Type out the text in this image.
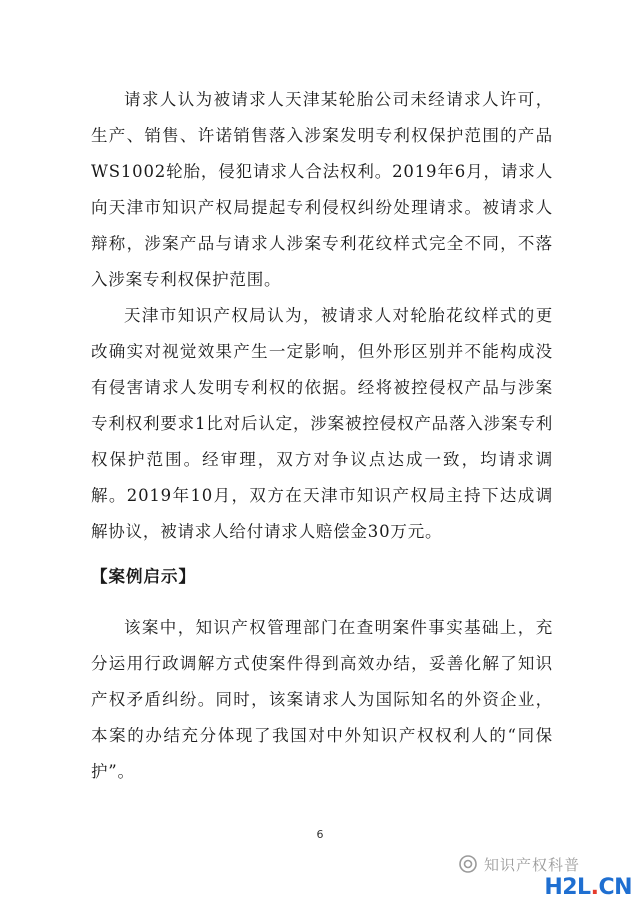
请求人认为被请求人天津某轮胎公司未经请求人许可，生产、销售、许诺销售落入涉案发明专利权保护范围的产品WS1002轮胎，侵犯请求人合法权利。2019年6月，请求人向天津市知识产权局提起专利侵权纠纷处理请求。被请求人辩称，涉案产品与请求人涉案专利花纹样式完全不同，不落入涉案专利权保护范围。

天津市知识产权局认为，被请求人对轮胎花纹样式的更改确实对视觉效果产生一定影响，但外形区别并不能构成没有侵害请求人发明专利权的依据。经将被控侵权产品与涉案专利权利要求1比对后认定，涉案被控侵权产品落入涉案专利权保护范围。经审理，双方对争议点达成一致，均请求调解。2019年10月，双方在天津市知识产权局主持下达成调解协议，被请求人给付请求人赔偿金30万元。

【案例启示】

该案中，知识产权管理部门在查明案件事实基础上，充分运用行政调解方式使案件得到高效办结，妥善化解了知识产权矛盾纠纷。同时，该案请求人为国际知名的外资企业，本案的办结充分体现了我国对中外知识产权权利人的“同保护”。

6
知识产权科普
H2L.CN
